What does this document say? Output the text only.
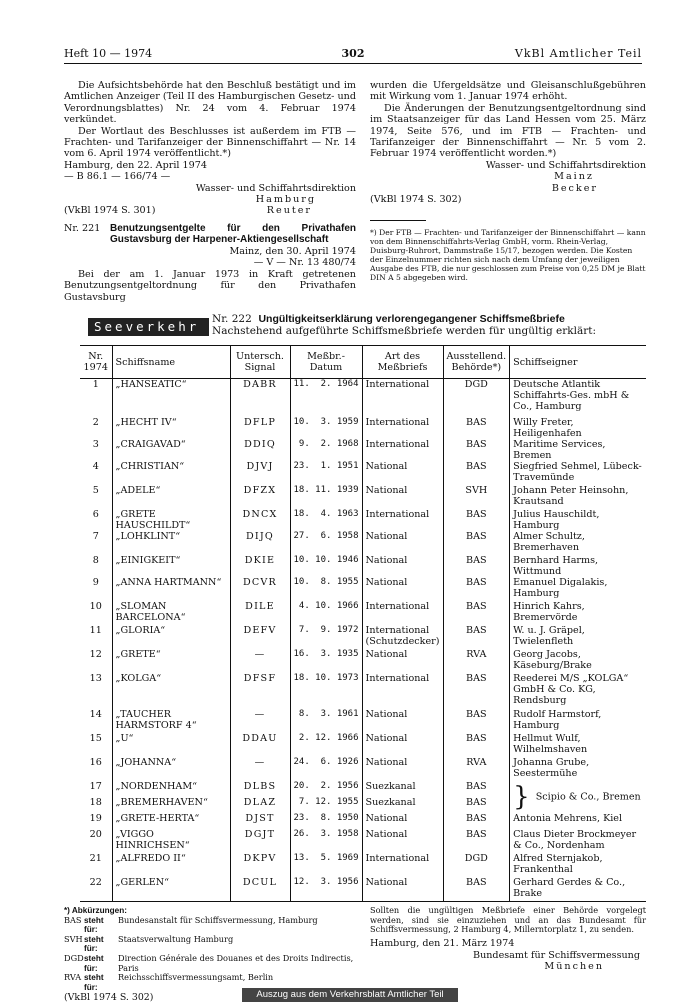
Heft 10 — 1974	302	VkBl Amtlicher Teil

Die Aufsichtsbehörde hat den Beschluß bestätigt und im Amtlichen Anzeiger (Teil II des Hamburgischen Gesetz- und Verordnungsblattes) Nr. 24 vom 4. Februar 1974 verkündet.

Der Wortlaut des Beschlusses ist außerdem im FTB — Frachten- und Tarifanzeiger der Binnenschiffahrt — Nr. 14 vom 6. April 1974 veröffentlicht.*)

Hamburg, den 22. April 1974
— B 86.1 — 166/74 —
Wasser- und Schiffahrtsdirektion
Hamburg
(VkBl 1974 S. 301)	Reuter
Nr. 221 Benutzungsentgelte für den Privathafen Gustavsburg der Harpener-Aktiengesellschaft
Mainz, den 30. April 1974
— V — Nr. 13 480/74

Bei der am 1. Januar 1973 in Kraft getretenen Benutzungsentgeltordnung für den Privathafen Gustavsburg

wurden die Ufergeldsätze und Gleisanschlußgebühren mit Wirkung vom 1. Januar 1974 erhöht.

Die Änderungen der Benutzungsentgeltordnung sind im Staatsanzeiger für das Land Hessen vom 25. März 1974, Seite 576, und im FTB — Frachten- und Tarifanzeiger der Binnenschiffahrt — Nr. 5 vom 2. Februar 1974 veröffentlicht worden.*)

Wasser- und Schiffahrtsdirektion
Mainz
Becker
(VkBl 1974 S. 302)
*) Der FTB — Frachten- und Tarifanzeiger der Binnenschiffahrt — kann von dem Binnenschiffahrts-Verlag GmbH, vorm. Rhein-Verlag, Duisburg-Ruhrort, Dammstraße 15/17, bezogen werden. Die Kosten der Einzelnummer richten sich nach dem Umfang der jeweiligen Ausgabe des FTB, die nur geschlossen zum Preise von 0,25 DM je Blatt DIN A 5 abgegeben wird.
Seeverkehr	Nr. 222 Ungültigkeitserklärung verlorengegangener Schiffsmeßbriefe
Nachstehend aufgeführte Schiffsmeßbriefe werden für ungültig erklärt:
Nr. 1974	Schiffsname	Untersch. Signal	Meßbr.- Datum	Art des Meßbriefs	Ausstellend. Behörde*)	Schiffseigner
1	„HANSEATIC“	DABR	11.  2. 1964	International	DGD	Deutsche Atlantik Schiffahrts-Ges. mbH & Co., Hamburg
2	„HECHT IV“	DFLP	10.  3. 1959	International	BAS	Willy Freter, Heiligenhafen
3	„CRAIGAVAD“	DDIQ	9.  2. 1968	International	BAS	Maritime Services, Bremen
4	„CHRISTIAN“	DJVJ	23.  1. 1951	National	BAS	Siegfried Sehmel, Lübeck-Travemünde
5	„ADELE“	DFZX	18. 11. 1939	National	SVH	Johann Peter Heinsohn, Krautsand
6	„GRETE HAUSCHILDT“	DNCX	18.  4. 1963	International	BAS	Julius Hauschildt, Hamburg
7	„LOHKLINT“	DIJQ	27.  6. 1958	National	BAS	Almer Schultz, Bremerhaven
8	„EINIGKEIT“	DKIE	10. 10. 1946	National	BAS	Bernhard Harms, Wittmund
9	„ANNA HARTMANN“	DCVR	10.  8. 1955	National	BAS	Emanuel Digalakis, Hamburg
10	„SLOMAN BARCELONA“	DILE	4. 10. 1966	International	BAS	Hinrich Kahrs, Bremervörde
11	„GLORIA“	DEFV	7.  9. 1972	International (Schutzdecker)	BAS	W. u. J. Gräpel, Twielenfleth
12	„GRETE“	—	16.  3. 1935	National	RVA	Georg Jacobs, Käseburg/Brake
13	„KOLGA“	DFSF	18. 10. 1973	International	BAS	Reederei M/S „KOLGA“ GmbH & Co. KG, Rendsburg
14	„TAUCHER HARMSTORF 4“	—	8.  3. 1961	National	BAS	Rudolf Harmstorf, Hamburg
15	„U“	DDAU	2. 12. 1966	National	BAS	Hellmut Wulf, Wilhelmshaven
16	„JOHANNA“	—	24.  6. 1926	National	RVA	Johanna Grube, Seestermühe
17	„NORDENHAM“	DLBS	20.  2. 1956	Suezkanal	BAS	} Scipio & Co., Bremen
18	„BREMERHAVEN“	DLAZ	7. 12. 1955	Suezkanal	BAS	
19	„GRETE-HERTA“	DJST	23.  8. 1950	National	BAS	Antonia Mehrens, Kiel
20	„VIGGO HINRICHSEN“	DGJT	26.  3. 1958	National	BAS	Claus Dieter Brockmeyer & Co., Nordenham
21	„ALFREDO II“	DKPV	13.  5. 1969	International	DGD	Alfred Sternjakob, Frankenthal
22	„GERLEN“	DCUL	12.  3. 1956	National	BAS	Gerhard Gerdes & Co., Brake
*) Abkürzungen:
BAS steht für:
Bundesanstalt für Schiffsvermessung, Hamburg
SVH steht für:
Staatsverwaltung Hamburg
DGD steht für:
Direction Générale des Douanes et des Droits Indirectis, Paris
RVA steht für:
Reichsschiffsvermessungsamt, Berlin
(VkBl 1974 S. 302)
Sollten die ungültigen Meßbriefe einer Behörde vorgelegt werden, sind sie einzuziehen und an das Bundesamt für Schiffsvermessung, 2 Hamburg 4, Millerntorplatz 1, zu senden.
Hamburg, den 21. März 1974
Bundesamt für Schiffsvermessung
München
Auszug aus dem Verkehrsblatt Amtlicher Teil
